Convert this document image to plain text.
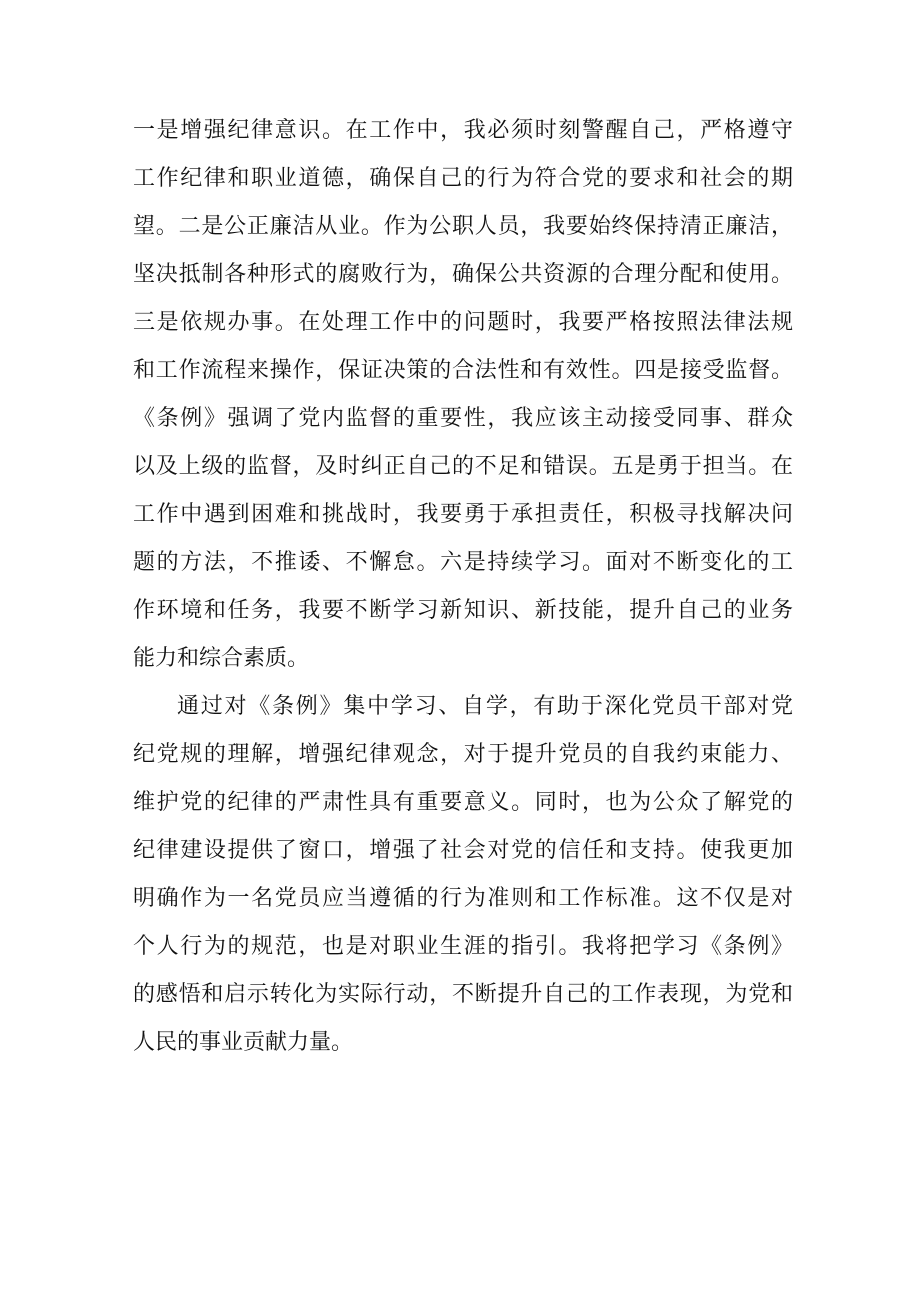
一是增强纪律意识。在工作中，我必须时刻警醒自己，严格遵守
工作纪律和职业道德，确保自己的行为符合党的要求和社会的期
望。二是公正廉洁从业。作为公职人员，我要始终保持清正廉洁，
坚决抵制各种形式的腐败行为，确保公共资源的合理分配和使用。
三是依规办事。在处理工作中的问题时，我要严格按照法律法规
和工作流程来操作，保证决策的合法性和有效性。四是接受监督。
《条例》强调了党内监督的重要性，我应该主动接受同事、群众
以及上级的监督，及时纠正自己的不足和错误。五是勇于担当。在
工作中遇到困难和挑战时，我要勇于承担责任，积极寻找解决问
题的方法，不推诿、不懈怠。六是持续学习。面对不断变化的工
作环境和任务，我要不断学习新知识、新技能，提升自己的业务
能力和综合素质。
通过对《条例》集中学习、自学，有助于深化党员干部对党
纪党规的理解，增强纪律观念，对于提升党员的自我约束能力、
维护党的纪律的严肃性具有重要意义。同时，也为公众了解党的
纪律建设提供了窗口，增强了社会对党的信任和支持。使我更加
明确作为一名党员应当遵循的行为准则和工作标准。这不仅是对
个人行为的规范，也是对职业生涯的指引。我将把学习《条例》
的感悟和启示转化为实际行动，不断提升自己的工作表现，为党和
人民的事业贡献力量。
